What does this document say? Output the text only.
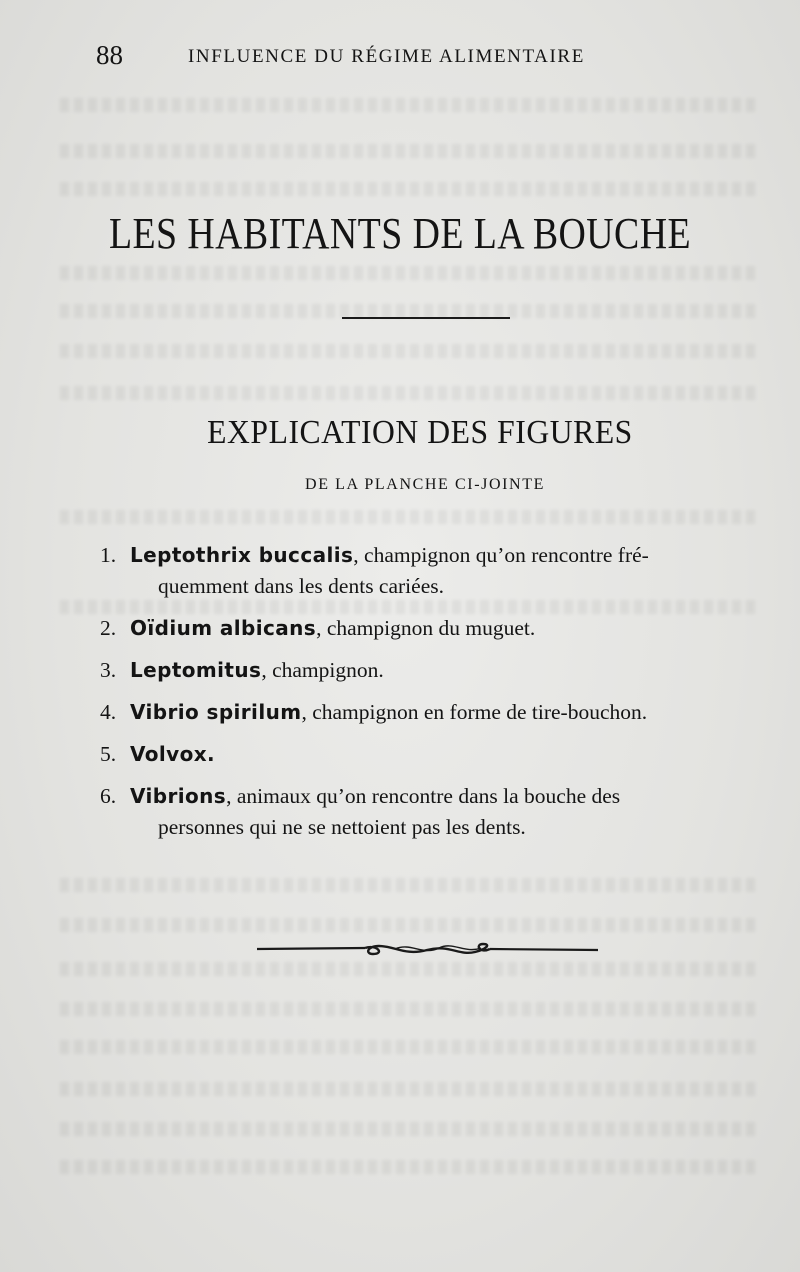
88	INFLUENCE DU RÉGIME ALIMENTAIRE
LES HABITANTS DE LA BOUCHE
EXPLICATION DES FIGURES
DE LA PLANCHE CI-JOINTE
1. Leptothrix buccalis, champignon qu’on rencontre fré-
quemment dans les dents cariées.
2. Oïdium albicans, champignon du muguet.
3. Leptomitus, champignon.
4. Vibrio spirilum, champignon en forme de tire-bouchon.
5. Volvox.
6. Vibrions, animaux qu’on rencontre dans la bouche des
personnes qui ne se nettoient pas les dents.
